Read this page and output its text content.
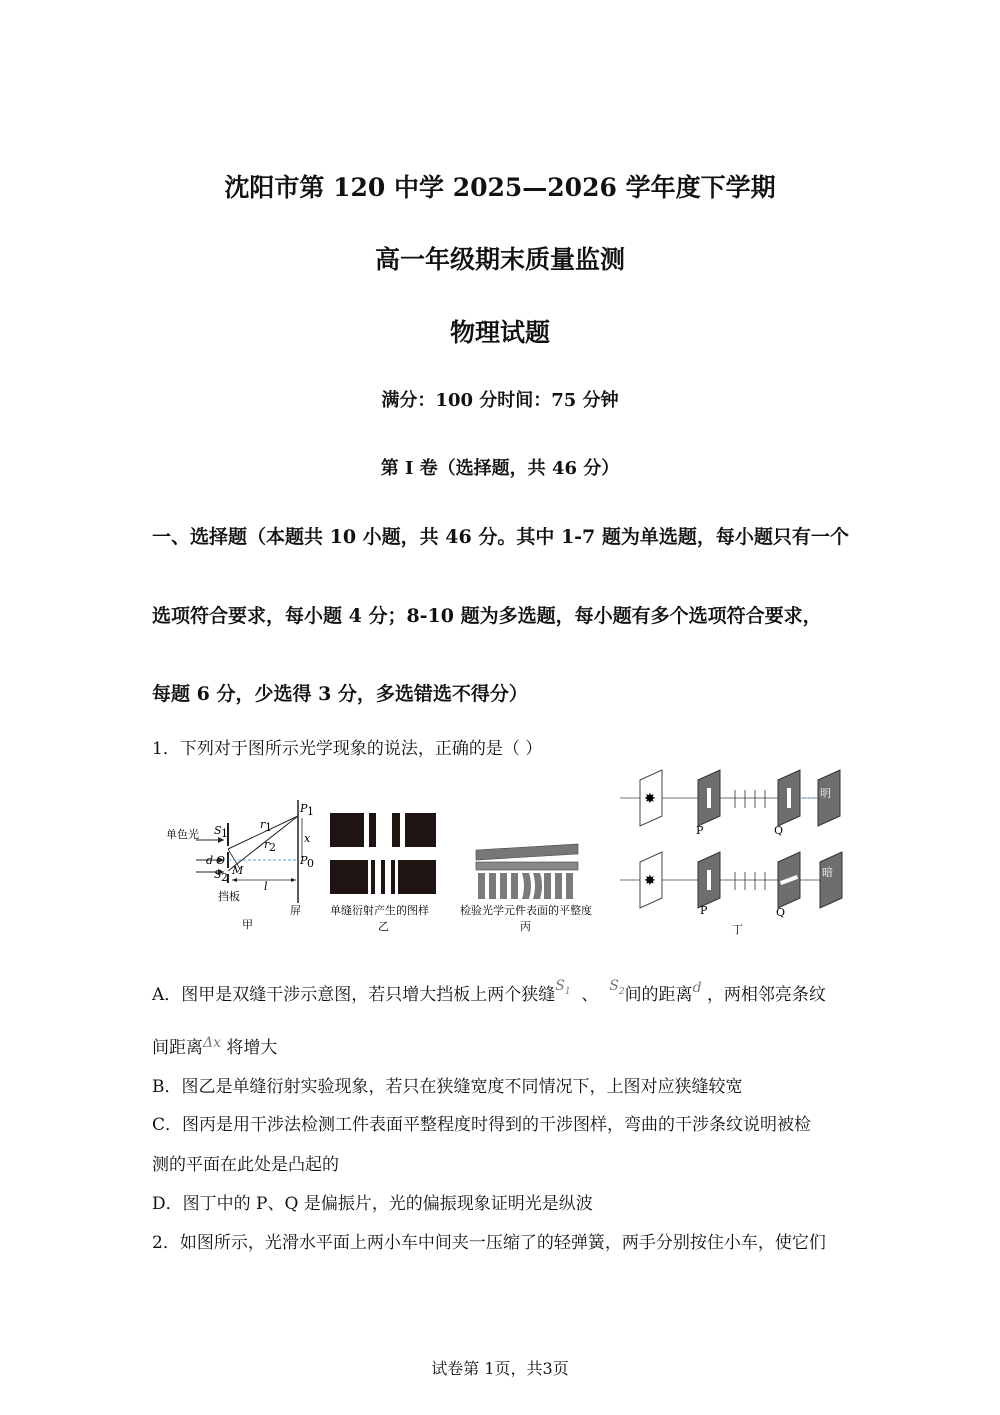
沈阳市第 120 中学 2025—2026 学年度下学期
高一年级期末质量监测
物理试题
满分：100 分时间：75 分钟
第 Ⅰ 卷（选择题，共 46 分）
一、选择题（本题共 10 小题，共 46 分。其中 1-7 题为单选题，每小题只有一个
选项符合要求，每小题 4 分；8-10 题为多选题，每小题有多个选项符合要求，
每题 6 分，少选得 3 分，多选错选不得分）
1．下列对于图所示光学现象的说法，正确的是（ ）
单色光 S 1
d O
S 2
M
r 1
r 2
P 1
x
P 0
l
挡板
屏
甲
单缝衍射产生的图样
乙
检验光学元件表面的平整度
丙
✸	明
P	Q
✸
暗
P	Q
丁
A．图甲是双缝干涉示意图，若只增大挡板上两个狭缝$^{S1}$ 、 $^{S2}$间的距离$^d$ ，两相邻亮条纹
间距离$^{\Delta x}$ 将增大
B．图乙是单缝衍射实验现象，若只在狭缝宽度不同情况下，上图对应狭缝较宽
C．图丙是用干涉法检测工件表面平整程度时得到的干涉图样，弯曲的干涉条纹说明被检
测的平面在此处是凸起的
D．图丁中的 P、Q 是偏振片，光的偏振现象证明光是纵波
2．如图所示，光滑水平面上两小车中间夹一压缩了的轻弹簧，两手分别按住小车，使它们
试卷第 1页，共3页
